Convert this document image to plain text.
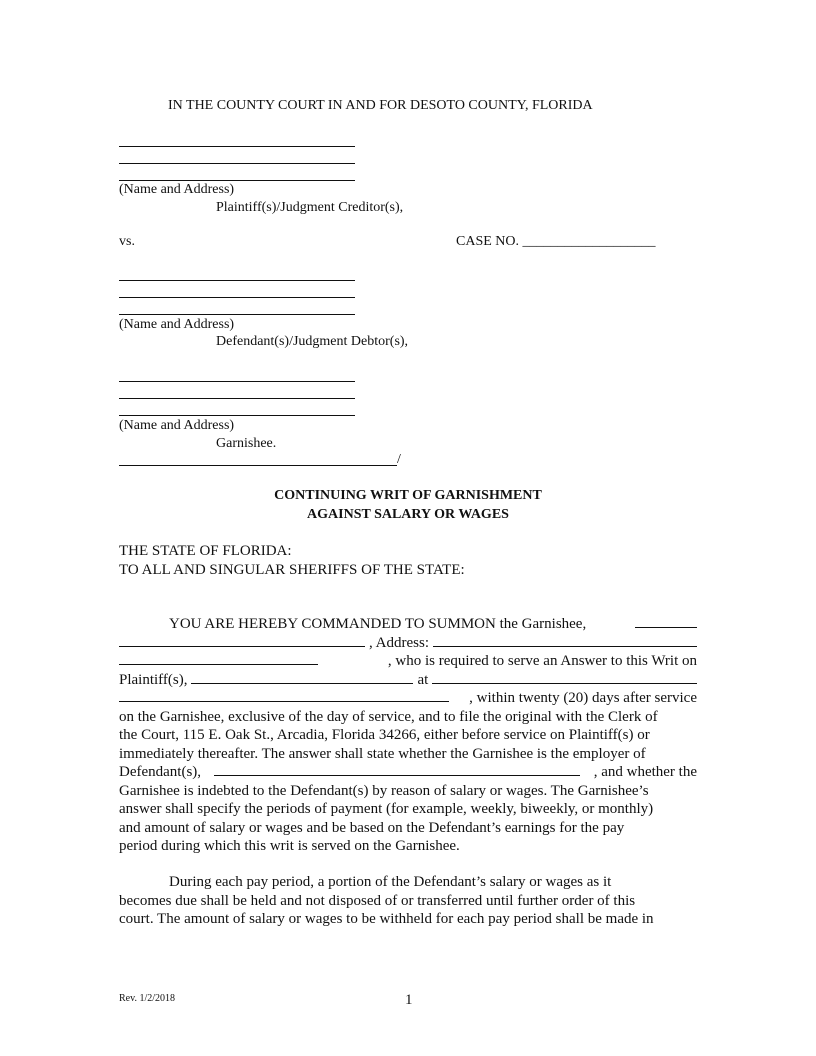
IN THE COUNTY COURT IN AND FOR DESOTO COUNTY, FLORIDA
(Name and Address)
Plaintiff(s)/Judgment Creditor(s),
vs.	CASE NO. ___________________
(Name and Address)
Defendant(s)/Judgment Debtor(s),
(Name and Address)
Garnishee.
/
CONTINUING WRIT OF GARNISHMENT
AGAINST SALARY OR WAGES
THE STATE OF FLORIDA:
TO ALL AND SINGULAR SHERIFFS OF THE STATE:
YOU ARE HEREBY COMMANDED TO SUMMON the Garnishee,
, Address:
, who is required to serve an Answer to this Writ on
Plaintiff(s),	at
, within twenty (20) days after service
on the Garnishee, exclusive of the day of service, and to file the original with the Clerk of
the Court, 115 E. Oak St., Arcadia, Florida 34266, either before service on Plaintiff(s) or
immediately thereafter. The answer shall state whether the Garnishee is the employer of
Defendant(s),	, and whether the
Garnishee is indebted to the Defendant(s) by reason of salary or wages. The Garnishee’s
answer shall specify the periods of payment (for example, weekly, biweekly, or monthly)
and amount of salary or wages and be based on the Defendant’s earnings for the pay
period during which this writ is served on the Garnishee.
During each pay period, a portion of the Defendant’s salary or wages as it
becomes due shall be held and not disposed of or transferred until further order of this
court. The amount of salary or wages to be withheld for each pay period shall be made in
Rev. 1/2/2018	1
